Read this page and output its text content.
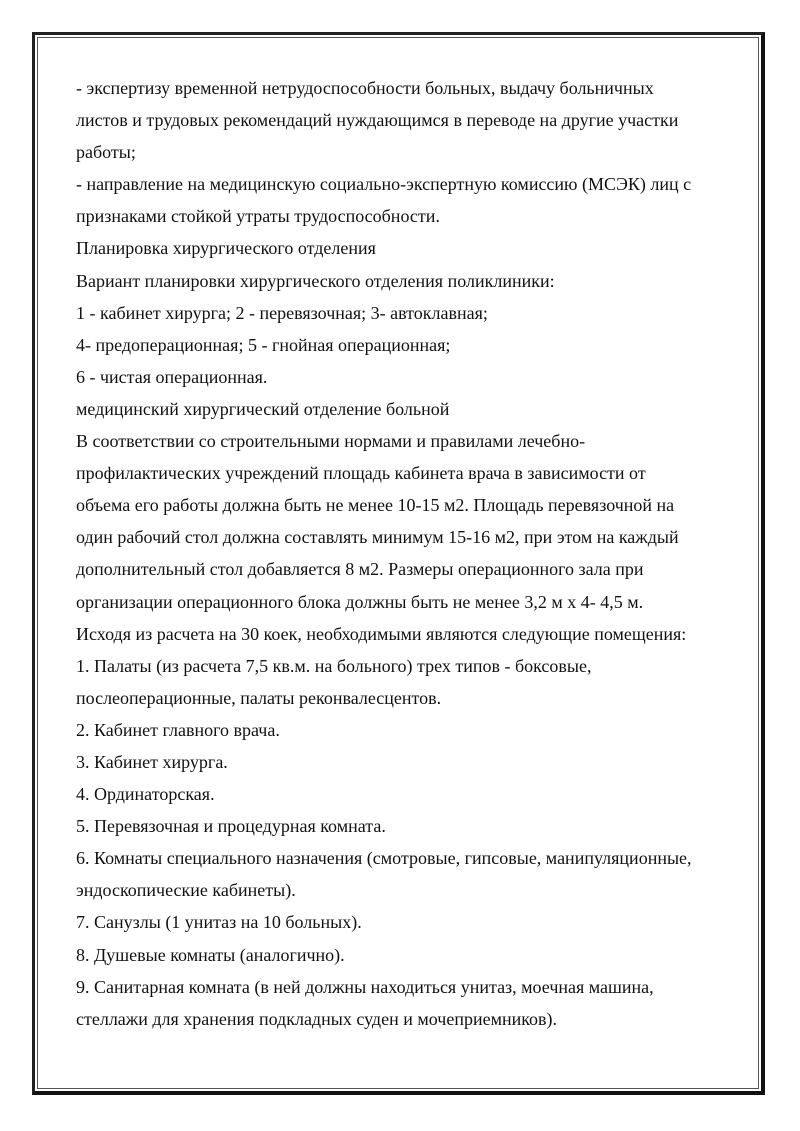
- экспертизу временной нетрудоспособности больных, выдачу больничных

листов и трудовых рекомендаций нуждающимся в переводе на другие участки

работы;

- направление на медицинскую социально-экспертную комиссию (МСЭК) лиц с

признаками стойкой утраты трудоспособности.

Планировка хирургического отделения

Вариант планировки хирургического отделения поликлиники:

1 - кабинет хирурга; 2 - перевязочная; 3- автоклавная;

4- предоперационная; 5 - гнойная операционная;

6 - чистая операционная.

медицинский хирургический отделение больной

В соответствии со строительными нормами и правилами лечебно-

профилактических учреждений площадь кабинета врача в зависимости от

объема его работы должна быть не менее 10-15 м2. Площадь перевязочной на

один рабочий стол должна составлять минимум 15-16 м2, при этом на каждый

дополнительный стол добавляется 8 м2. Размеры операционного зала при

организации операционного блока должны быть не менее 3,2 м х 4- 4,5 м.

Исходя из расчета на 30 коек, необходимыми являются следующие помещения:

1. Палаты (из расчета 7,5 кв.м. на больного) трех типов - боксовые,

послеоперационные, палаты реконвалесцентов.

2. Кабинет главного врача.

3. Кабинет хирурга.

4. Ординаторская.

5. Перевязочная и процедурная комната.

6. Комнаты специального назначения (смотровые, гипсовые, манипуляционные,

эндоскопические кабинеты).

7. Санузлы (1 унитаз на 10 больных).

8. Душевые комнаты (аналогично).

9. Санитарная комната (в ней должны находиться унитаз, моечная машина,

стеллажи для хранения подкладных суден и мочеприемников).
